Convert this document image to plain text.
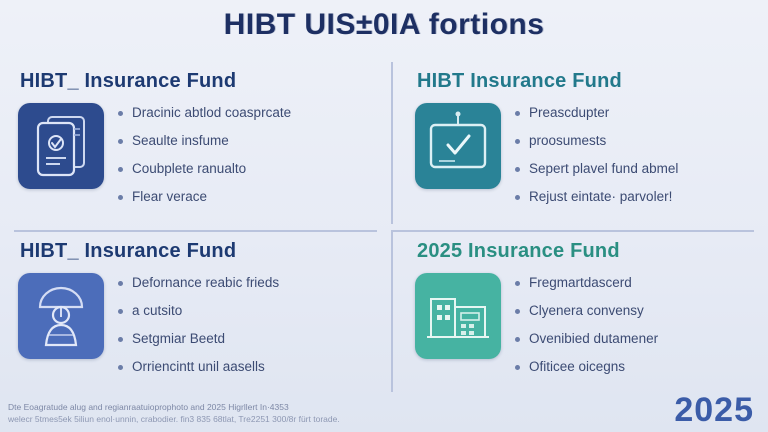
HIBT UIS±0IA fortions
HIBT_ Insurance Fund
Dracinic abtlod coasprcate
Seaulte insfume
Coubplete ranualto
Flear veracе
HIBT Insurance Fund
Preascdupter
proosumests
Sepert plavel fund abmel
Rejust eintate· parvoler!
HIBT_ Insurance Fund
Defornance reabic frieds
a cutsito
Setgmiar Beetd
Orriencintt unil aasells
2025 Insurance Fund
Fregmartdascerd
Clyenera convensy
Ovenibied dutamener
Ofiticee oicegns
Dte Eoagratude alug and regianraatuioprophoto and 2025 Higrllert In·4353
welecr 5tmes5ek 5iliun enol·unnin, crabodier. fin3 835 68tlat, Tre2251 300/8r fürt torade.	2025
